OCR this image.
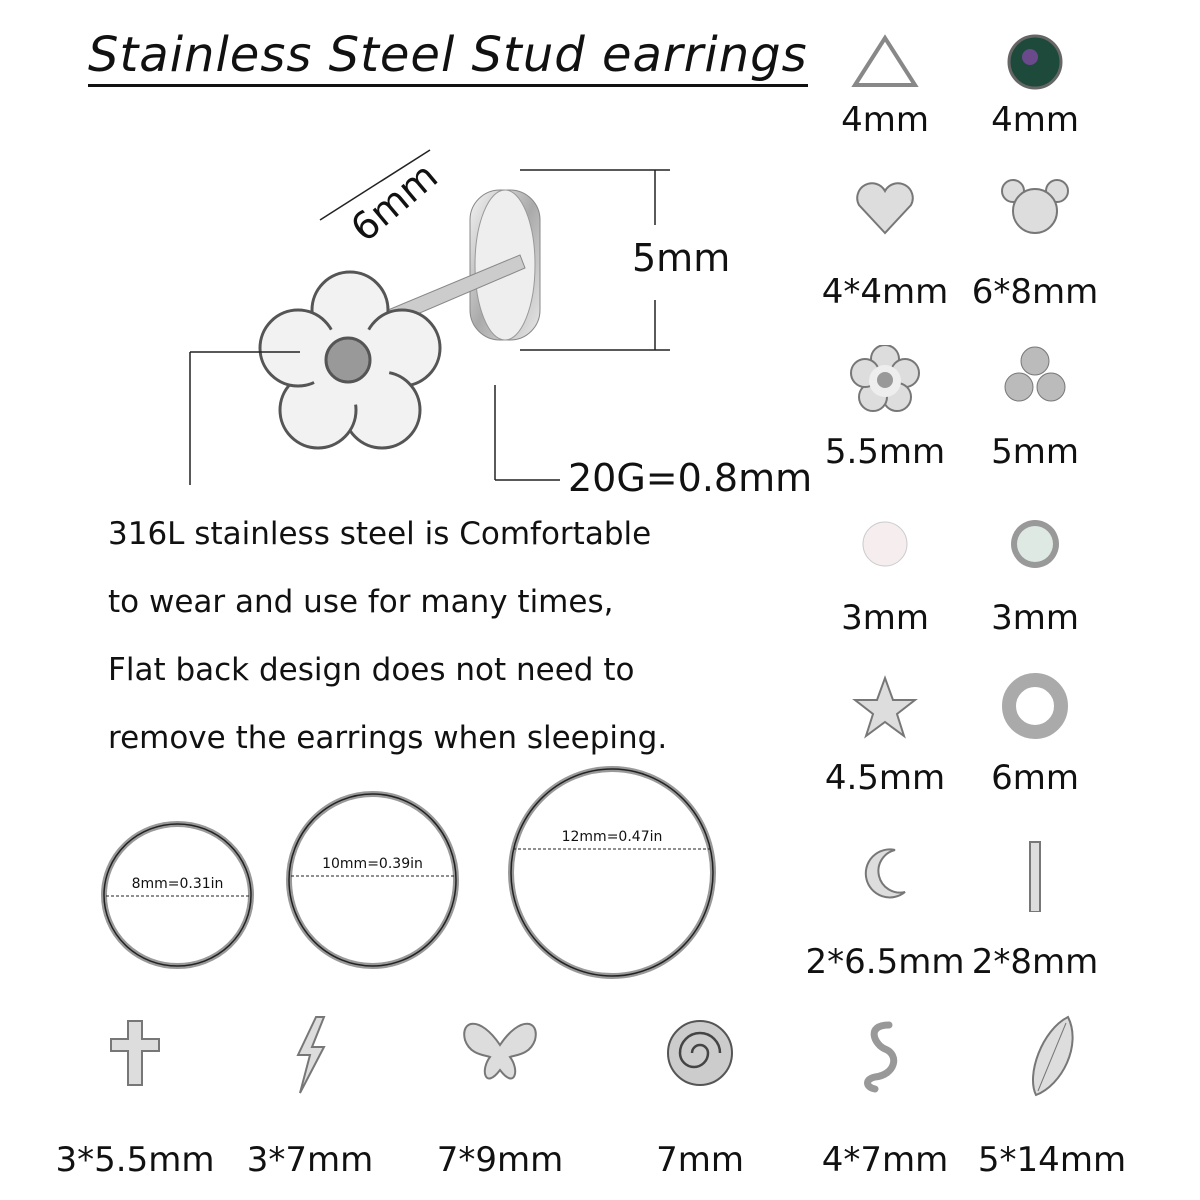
Stainless Steel Stud earrings
6mm
5mm
20G=0.8mm
316L stainless steel is Comfortable
to wear and use for many times,
Flat back design does not need to
remove the earrings when sleeping.
8mm=0.31in
10mm=0.39in
12mm=0.47in
4mm	4mm
4*4mm 6*8mm
5.5mm	5mm
3mm	3mm
4.5mm	6mm
2*6.5mm 2*8mm
3*5.5mm 3*7mm	7*9mm	7mm	4*7mm 5*14mm
